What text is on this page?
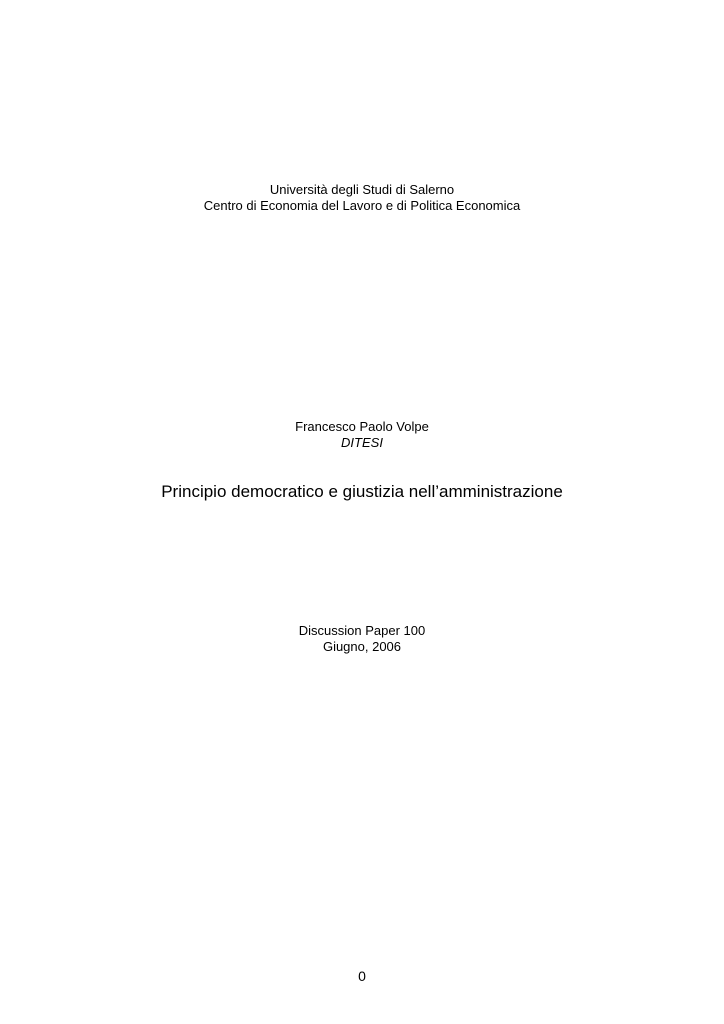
Università degli Studi di Salerno
Centro di Economia del Lavoro e di Politica Economica
Francesco Paolo Volpe
DITESI
Principio democratico e giustizia nell’amministrazione
Discussion Paper 100
Giugno, 2006
0
